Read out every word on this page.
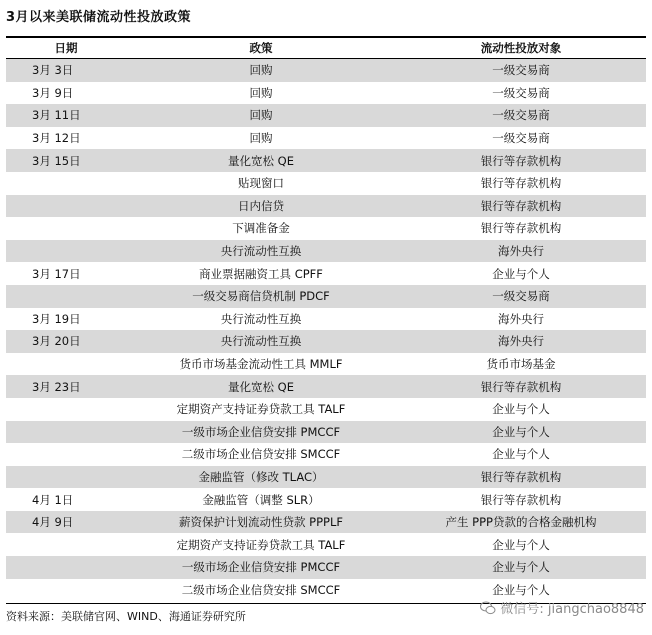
3月以来美联储流动性投放政策
日期	政策	流动性投放对象
3月 3日	回购	一级交易商
3月 9日	回购	一级交易商
3月 11日	回购	一级交易商
3月 12日	回购	一级交易商
3月 15日	量化宽松 QE	银行等存款机构
	贴现窗口	银行等存款机构
	日内信贷	银行等存款机构
	下调准备金	银行等存款机构
	央行流动性互换	海外央行
3月 17日	商业票据融资工具 CPFF	企业与个人
	一级交易商信贷机制 PDCF	一级交易商
3月 19日	央行流动性互换	海外央行
3月 20日	央行流动性互换	海外央行
	货币市场基金流动性工具 MMLF	货币市场基金
3月 23日	量化宽松 QE	银行等存款机构
	定期资产支持证券贷款工具 TALF	企业与个人
	一级市场企业信贷安排 PMCCF	企业与个人
	二级市场企业信贷安排 SMCCF	企业与个人
	金融监管（修改 TLAC）	银行等存款机构
4月 1日	金融监管（调整 SLR）	银行等存款机构
4月 9日	薪资保护计划流动性贷款 PPPLF	产生 PPP贷款的合格金融机构
	定期资产支持证券贷款工具 TALF	企业与个人
	一级市场企业信贷安排 PMCCF	企业与个人
	二级市场企业信贷安排 SMCCF	企业与个人
资料来源：美联储官网、WIND、海通证券研究所	微信号: jiangchao8848
